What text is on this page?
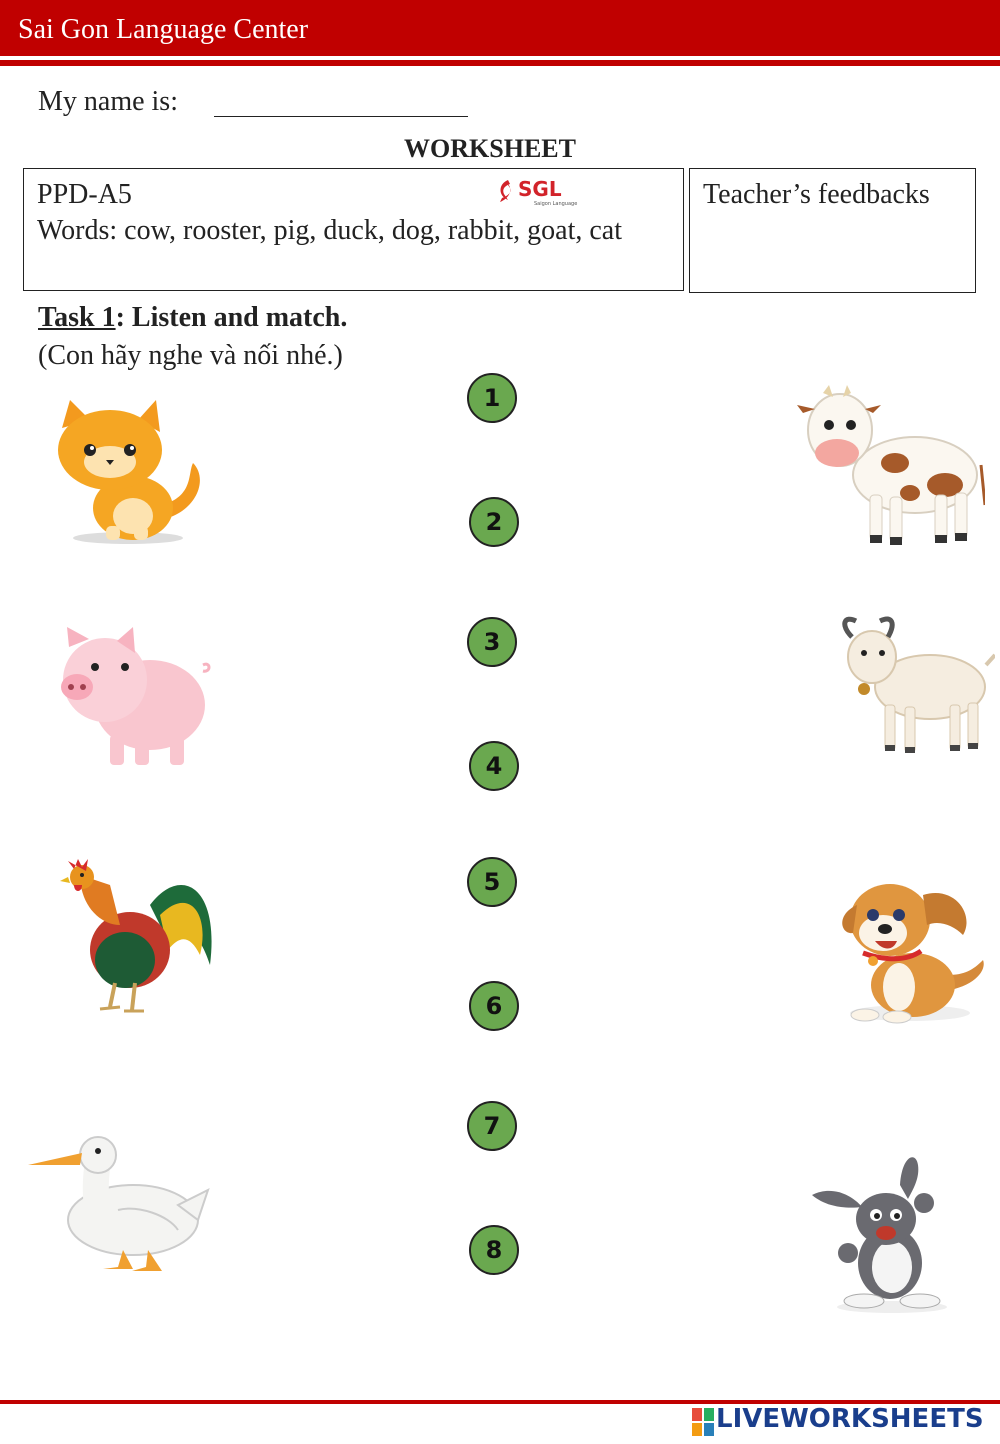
Sai Gon Language Center
My name is:
WORKSHEET
PPD-A5	SGL
Saigon Language
Words: cow, rooster, pig, duck, dog, rabbit, goat, cat
Teacher’s feedbacks
Task 1: Listen and match.
(Con hãy nghe và nối nhé.)
1
2
3
4
5
6
7
8
LIVEWORKSHEETS
